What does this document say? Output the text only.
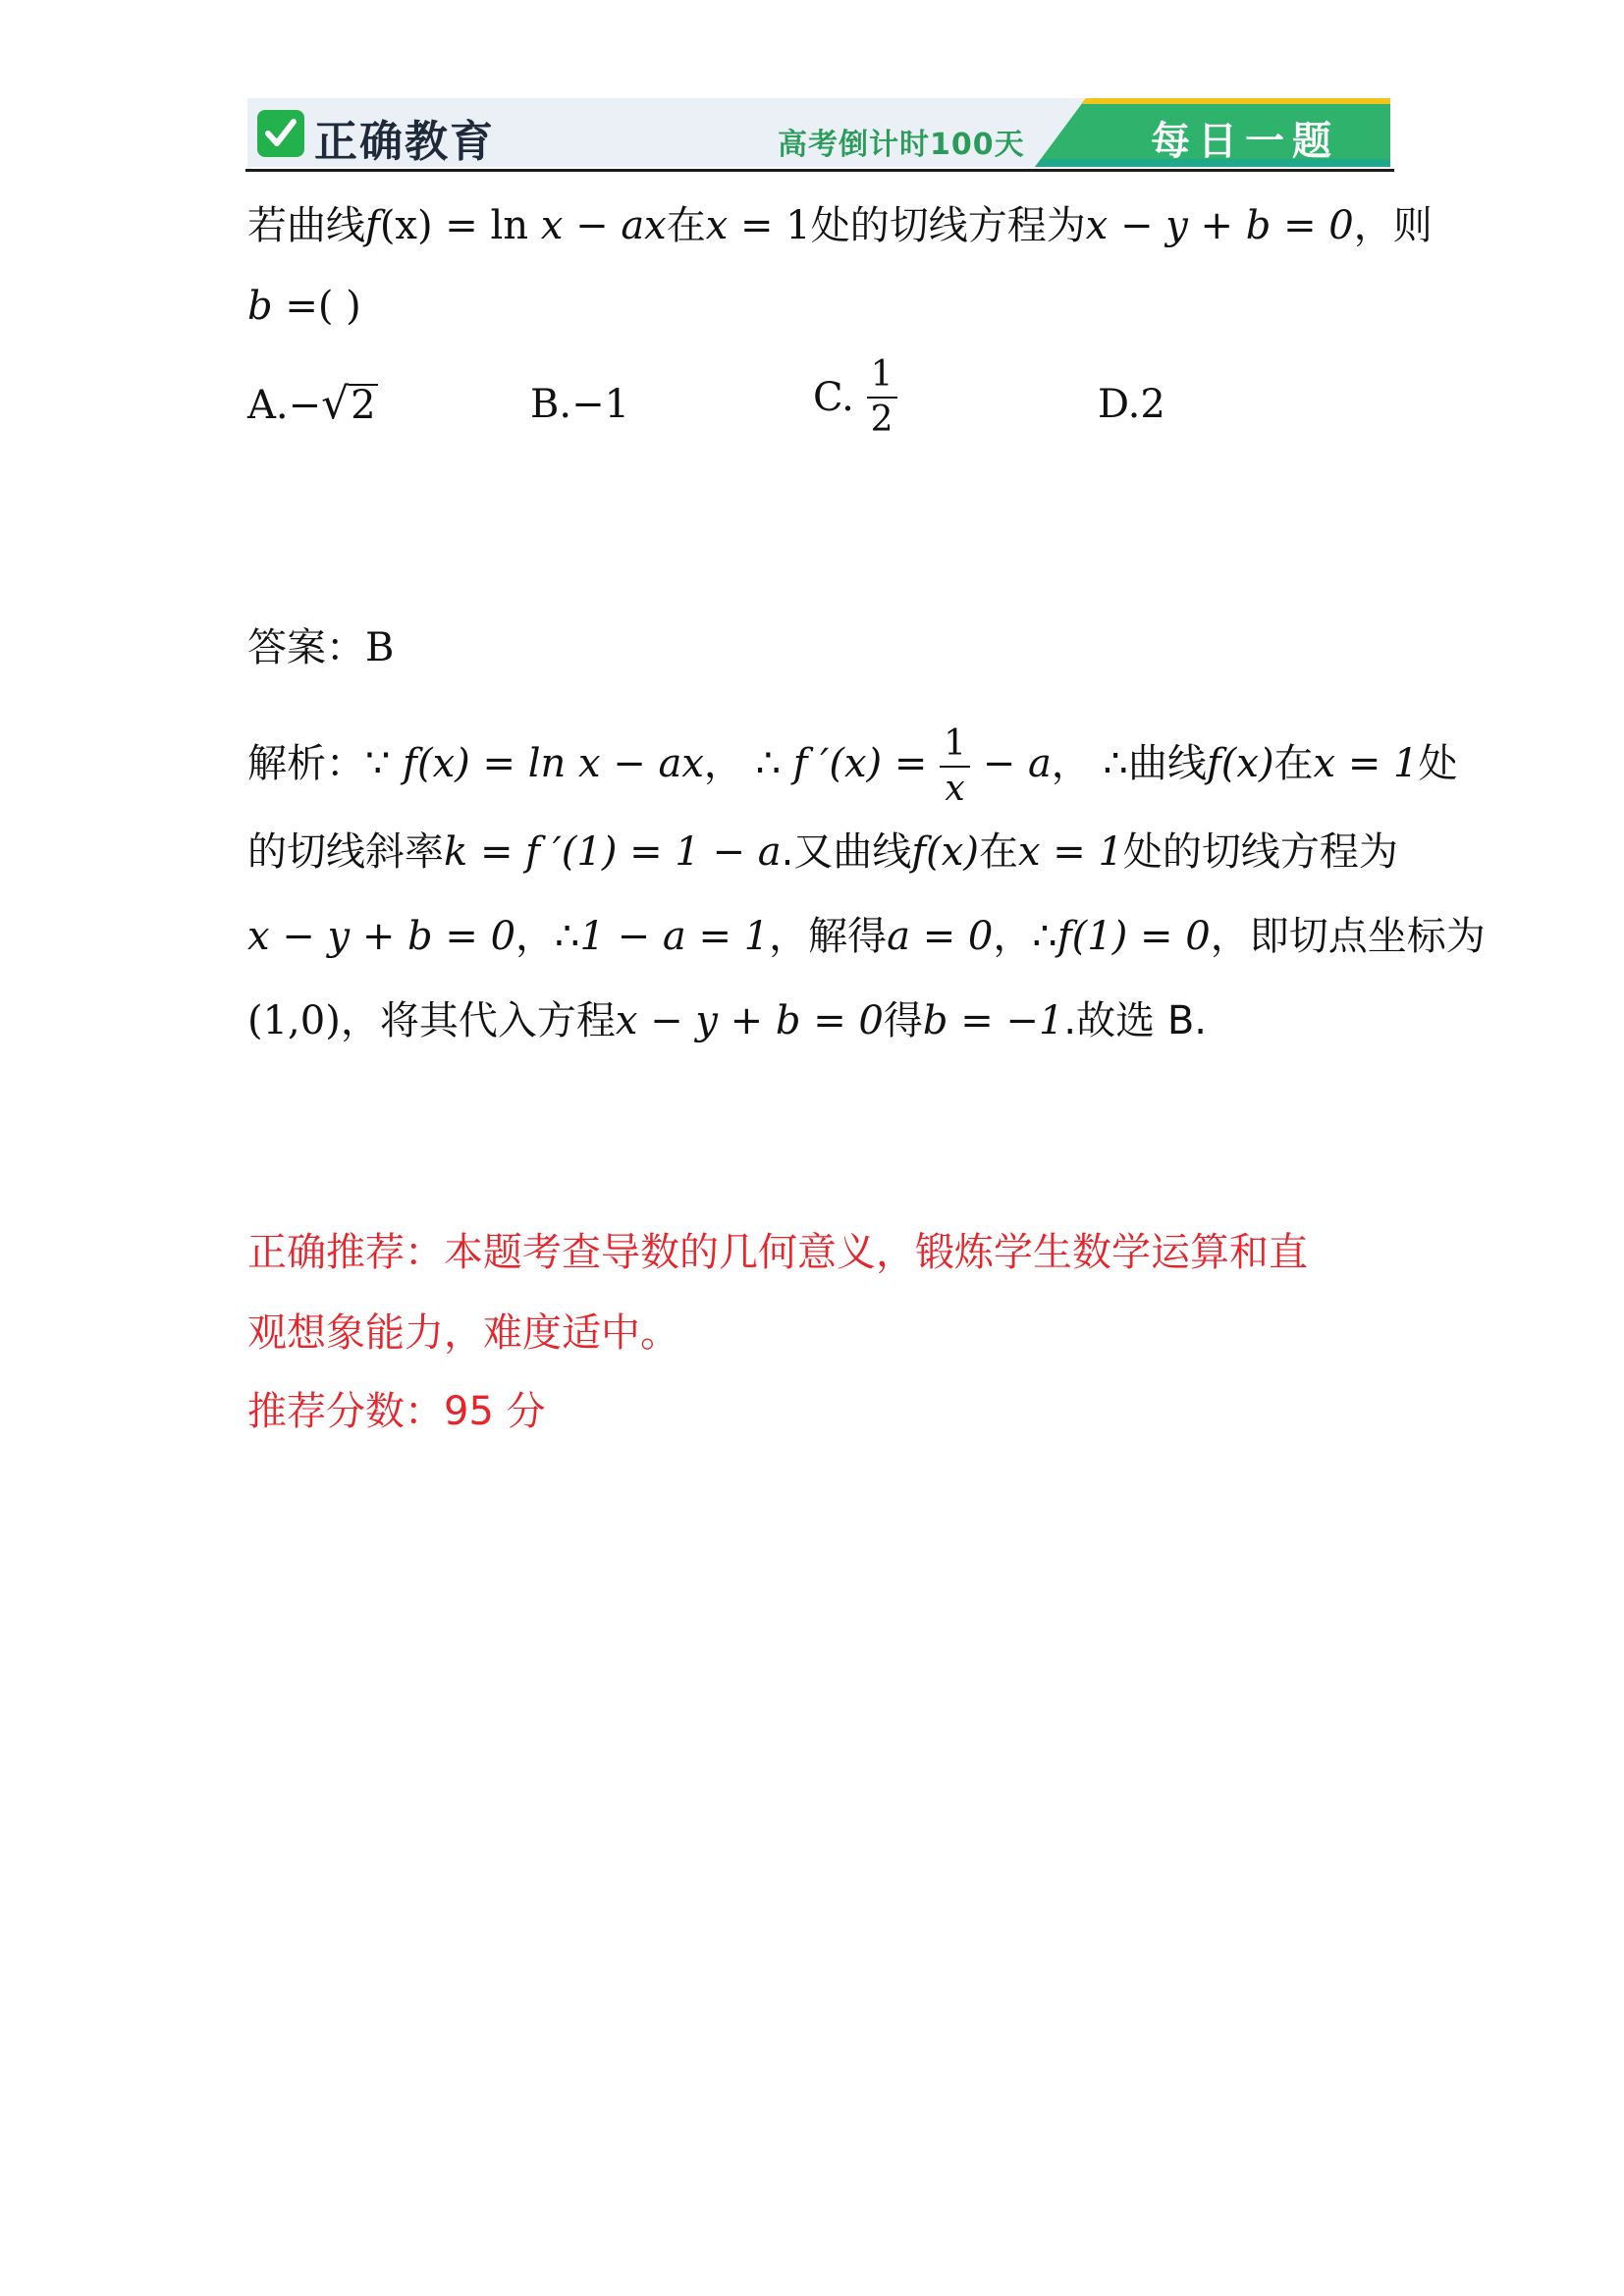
正确教育	高考倒计时100天	每日一题
若曲线f(x) = ln x − ax在x = 1处的切线方程为x − y + b = 0，则
b =( )
A.−√2	B.−1	C. $\frac{1}{2}$	D.2
答案：B
解析：∵ f(x) = ln x − ax， ∴ f $'(x) = \frac{1}{x} - a$， ∴曲线f(x)在x = 1处
的切线斜率k = f ′(1) = 1 − a.又曲线f(x)在x = 1处的切线方程为
x − y + b = 0，∴1 − a = 1，解得a = 0，∴f(1) = 0，即切点坐标为
(1,0)，将其代入方程x − y + b = 0得b = −1.故选 B.
正确推荐：本题考查导数的几何意义，锻炼学生数学运算和直
观想象能力，难度适中。
推荐分数：95 分
